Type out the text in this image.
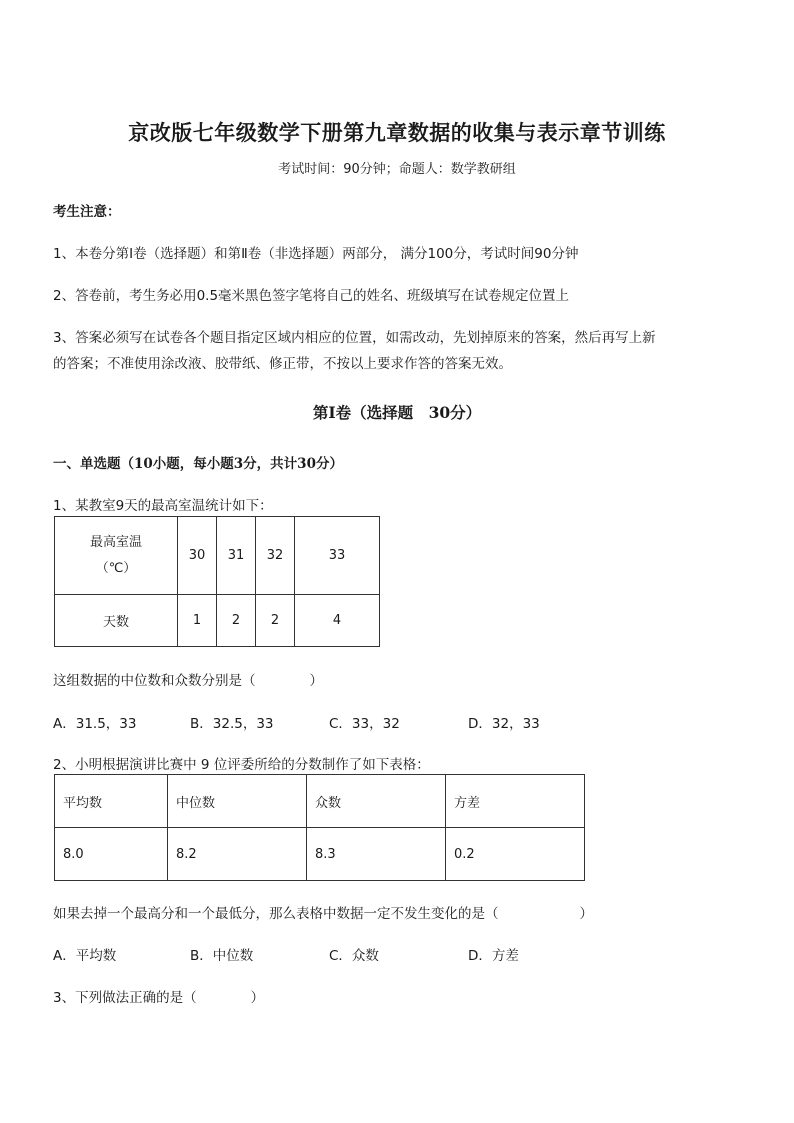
京改版七年级数学下册第九章数据的收集与表示章节训练
考试时间：90分钟；命题人：数学教研组
考生注意：
1、本卷分第Ⅰ卷（选择题）和第Ⅱ卷（非选择题）两部分， 满分100分，考试时间90分钟
2、答卷前，考生务必用0.5毫米黑色签字笔将自己的姓名、班级填写在试卷规定位置上
3、答案必须写在试卷各个题目指定区域内相应的位置，如需改动，先划掉原来的答案，然后再写上新
的答案；不准使用涂改液、胶带纸、修正带，不按以上要求作答的答案无效。
第Ⅰ卷（选择题　30分）
一、单选题（10小题，每小题3分，共计30分）
1、某教室9天的最高室温统计如下：
最高室温
（℃）	30	31	32	33
天数	1	2	2	4
这组数据的中位数和众数分别是（　　　　）
A．31.5，33	B．32.5，33	C．33，32	D．32，33
2、小明根据演讲比赛中 9 位评委所给的分数制作了如下表格：
平均数	中位数	众数	方差
8.0	8.2	8.3	0.2
如果去掉一个最高分和一个最低分，那么表格中数据一定不发生变化的是（　　　　　　）
A．平均数	B．中位数	C．众数	D．方差
3、下列做法正确的是（　　　　）
